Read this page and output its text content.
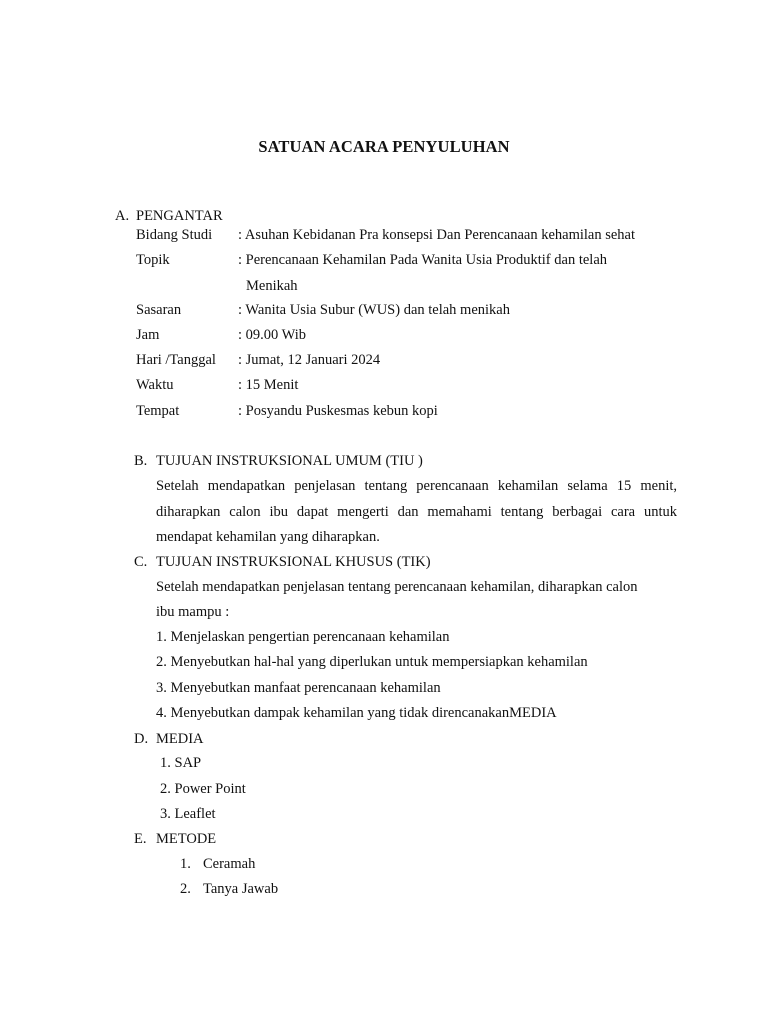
SATUAN ACARA PENYULUHAN
A. PENGANTAR
Bidang Studi : Asuhan Kebidanan Pra konsepsi Dan Perencanaan kehamilan sehat
Topik	: Perencanaan Kehamilan Pada Wanita Usia Produktif dan telah
Menikah
Sasaran	: Wanita Usia Subur (WUS) dan telah menikah
Jam	: 09.00 Wib
Hari /Tanggal : Jumat, 12 Januari 2024
Waktu	: 15 Menit
Tempat	: Posyandu Puskesmas kebun kopi
B. TUJUAN INSTRUKSIONAL UMUM (TIU )
Setelah mendapatkan penjelasan tentang perencanaan kehamilan selama 15 menit,
diharapkan calon ibu dapat mengerti dan memahami tentang berbagai cara untuk
mendapat kehamilan yang diharapkan.
C. TUJUAN INSTRUKSIONAL KHUSUS (TIK)
Setelah mendapatkan penjelasan tentang perencanaan kehamilan, diharapkan calon
ibu mampu :
1. Menjelaskan pengertian perencanaan kehamilan
2. Menyebutkan hal-hal yang diperlukan untuk mempersiapkan kehamilan
3. Menyebutkan manfaat perencanaan kehamilan
4. Menyebutkan dampak kehamilan yang tidak direncanakanMEDIA
D. MEDIA
1. SAP
2. Power Point
3. Leaflet
E. METODE
1. Ceramah
2. Tanya Jawab
